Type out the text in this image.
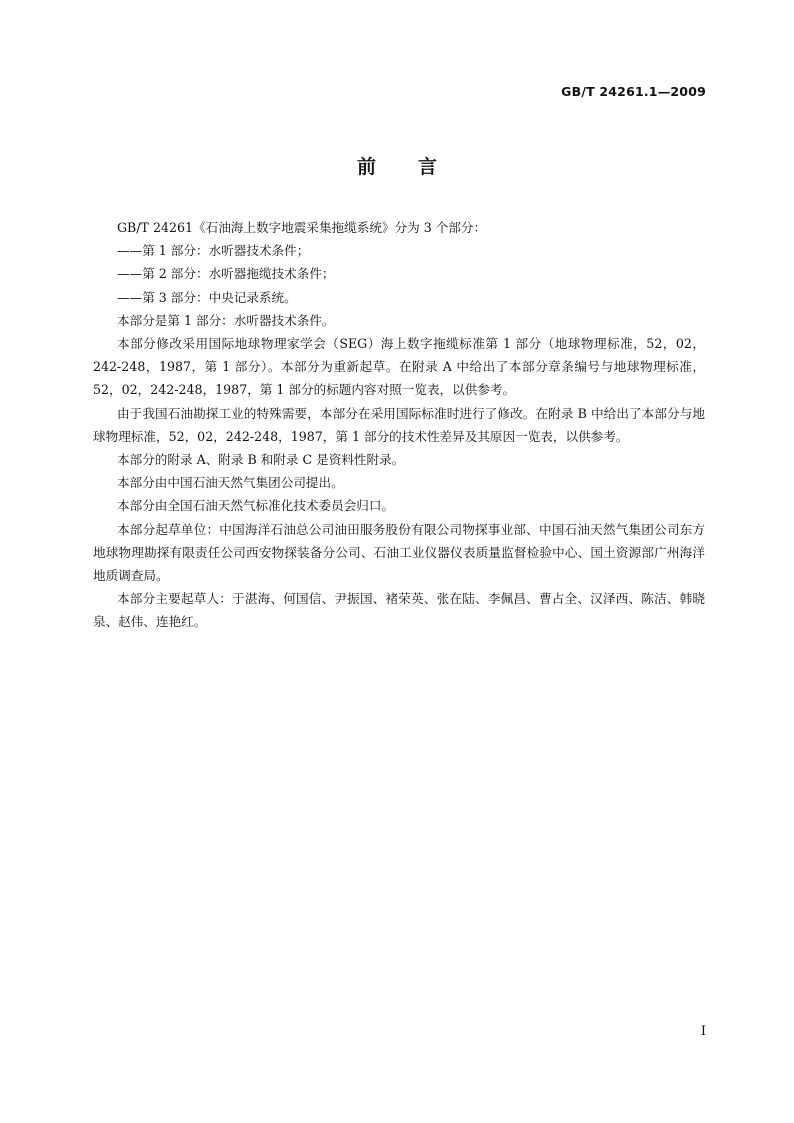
GB/T 24261.1—2009
前言

GB/T 24261《石油海上数字地震采集拖缆系统》分为 3 个部分：

——第 1 部分：水听器技术条件；

——第 2 部分：水听器拖缆技术条件；

——第 3 部分：中央记录系统。

本部分是第 1 部分：水听器技术条件。

本部分修改采用国际地球物理家学会（SEG）海上数字拖缆标准第 1 部分（地球物理标准，52，02，242-248，1987，第 1 部分）。本部分为重新起草。在附录 A 中给出了本部分章条编号与地球物理标准，52，02，242-248，1987，第 1 部分的标题内容对照一览表，以供参考。

由于我国石油勘探工业的特殊需要，本部分在采用国际标准时进行了修改。在附录 B 中给出了本部分与地球物理标准，52，02，242-248，1987，第 1 部分的技术性差异及其原因一览表，以供参考。

本部分的附录 A、附录 B 和附录 C 是资料性附录。

本部分由中国石油天然气集团公司提出。

本部分由全国石油天然气标准化技术委员会归口。

本部分起草单位：中国海洋石油总公司油田服务股份有限公司物探事业部、中国石油天然气集团公司东方地球物理勘探有限责任公司西安物探装备分公司、石油工业仪器仪表质量监督检验中心、国土资源部广州海洋地质调查局。

本部分主要起草人：于湛海、何国信、尹振国、褚荣英、张在陆、李佩昌、曹占全、汉泽西、陈洁、韩晓泉、赵伟、连艳红。

I
